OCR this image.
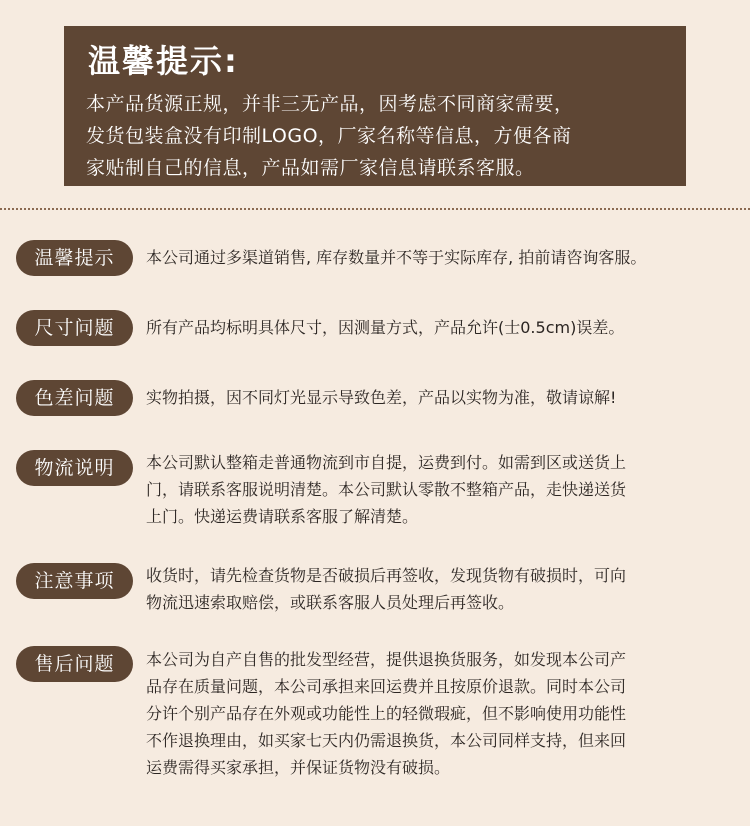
温馨提示:
本产品货源正规，并非三无产品，因考虑不同商家需要，
发货包装盒没有印制LOGO，厂家名称等信息，方便各商
家贴制自己的信息，产品如需厂家信息请联系客服。
温馨提示	本公司通过多渠道销售, 库存数量并不等于实际库存, 拍前请咨询客服。
尺寸问题	所有产品均标明具体尺寸，因测量方式，产品允许(士0.5cm)误差。
色差问题	实物拍摄，因不同灯光显示导致色差，产品以实物为准，敬请谅解!
物流说明	本公司默认整箱走普通物流到市自提，运费到付。如需到区或送货上
门，请联系客服说明清楚。本公司默认零散不整箱产品，走快递送货
上门。快递运费请联系客服了解清楚。
注意事项	收货时，请先检查货物是否破损后再签收，发现货物有破损时，可向
物流迅速索取赔偿，或联系客服人员处理后再签收。
售后问题	本公司为自产自售的批发型经营，提供退换货服务，如发现本公司产
品存在质量问题，本公司承担来回运费并且按原价退款。同时本公司
分许个别产品存在外观或功能性上的轻微瑕疵，但不影响使用功能性
不作退换理由，如买家七天内仍需退换货，本公司同样支持，但来回
运费需得买家承担，并保证货物没有破损。
